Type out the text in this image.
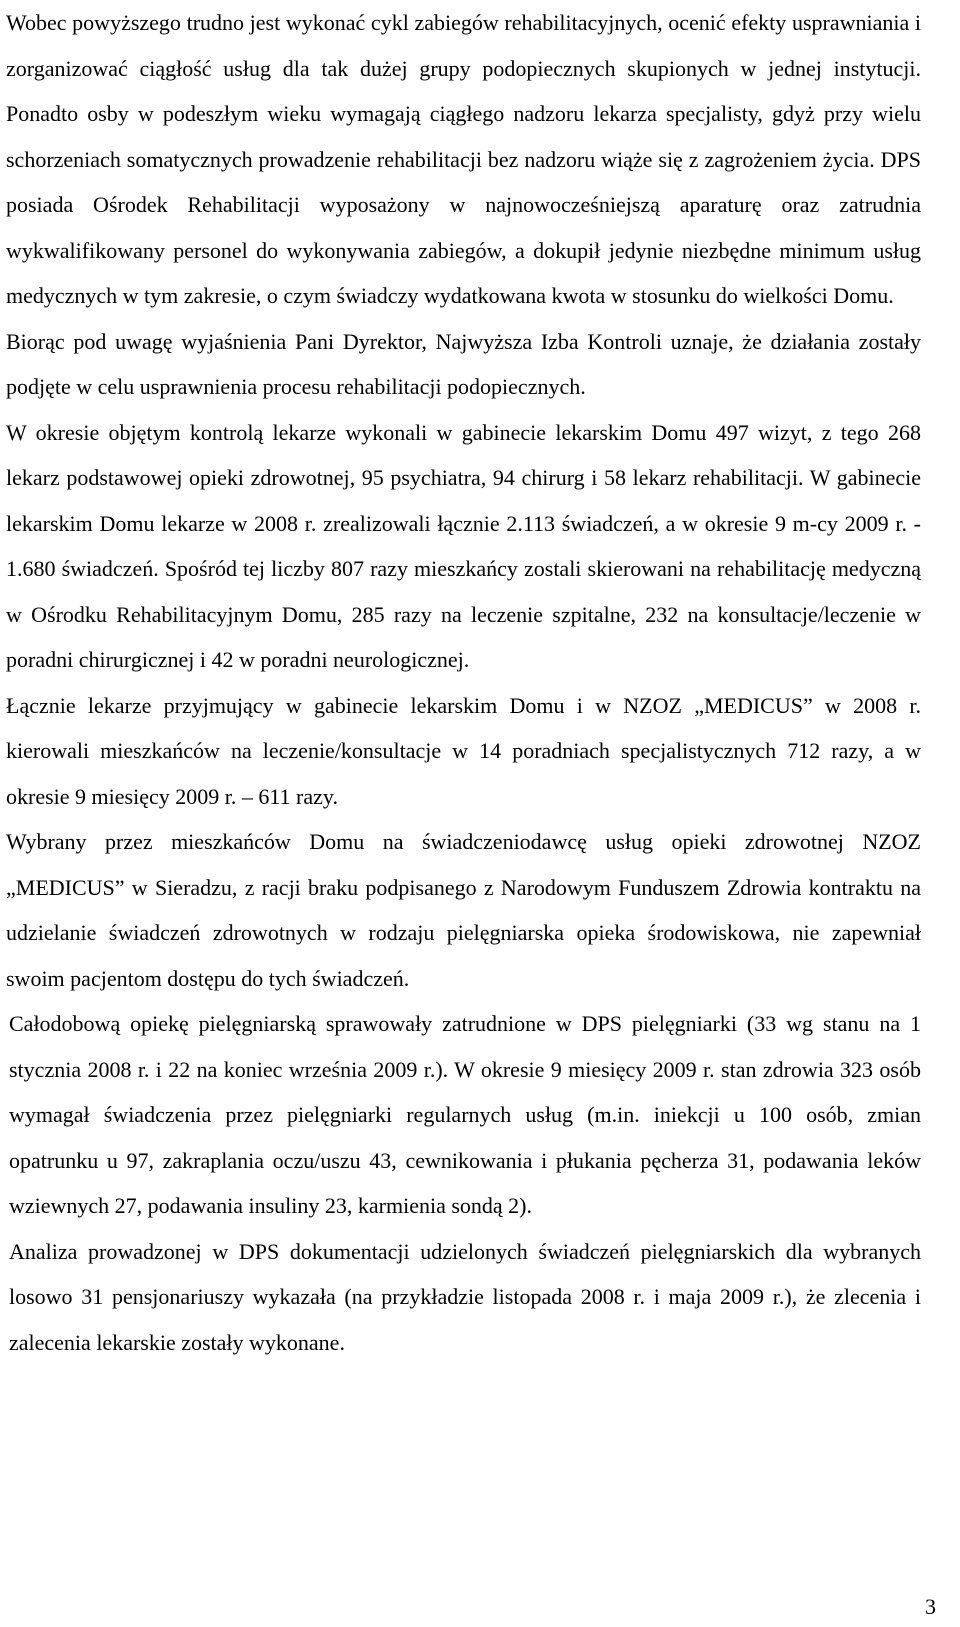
Wobec powyższego trudno jest wykonać cykl zabiegów rehabilitacyjnych, ocenić efekty usprawniania i zorganizować ciągłość usług dla tak dużej grupy podopiecznych skupionych w jednej instytucji. Ponadto osby w podeszłym wieku wymagają ciągłego nadzoru lekarza specjalisty, gdyż przy wielu schorzeniach somatycznych prowadzenie rehabilitacji bez nadzoru wiąże się z zagrożeniem życia. DPS posiada Ośrodek Rehabilitacji wyposażony w najnowocześniejszą aparaturę oraz zatrudnia wykwalifikowany personel do wykonywania zabiegów, a dokupił jedynie niezbędne minimum usług medycznych w tym zakresie, o czym świadczy wydatkowana kwota w stosunku do wielkości Domu.

Biorąc pod uwagę wyjaśnienia Pani Dyrektor, Najwyższa Izba Kontroli uznaje, że działania zostały podjęte w celu usprawnienia procesu rehabilitacji podopiecznych.

W okresie objętym kontrolą lekarze wykonali w gabinecie lekarskim Domu 497 wizyt, z tego 268 lekarz podstawowej opieki zdrowotnej, 95 psychiatra, 94 chirurg i 58 lekarz rehabilitacji. W gabinecie lekarskim Domu lekarze w 2008 r. zrealizowali łącznie 2.113 świadczeń, a w okresie 9 m-cy 2009 r. - 1.680 świadczeń. Spośród tej liczby 807 razy mieszkańcy zostali skierowani na rehabilitację medyczną w Ośrodku Rehabilitacyjnym Domu, 285 razy na leczenie szpitalne, 232 na konsultacje/leczenie w poradni chirurgicznej i 42 w poradni neurologicznej.

Łącznie lekarze przyjmujący w gabinecie lekarskim Domu i w NZOZ „MEDICUS” w 2008 r. kierowali mieszkańców na leczenie/konsultacje w 14 poradniach specjalistycznych 712 razy, a w okresie 9 miesięcy 2009 r. – 611 razy.

Wybrany przez mieszkańców Domu na świadczeniodawcę usług opieki zdrowotnej NZOZ „MEDICUS” w Sieradzu, z racji braku podpisanego z Narodowym Funduszem Zdrowia kontraktu na udzielanie świadczeń zdrowotnych w rodzaju pielęgniarska opieka środowiskowa, nie zapewniał swoim pacjentom dostępu do tych świadczeń.

Całodobową opiekę pielęgniarską sprawowały zatrudnione w DPS pielęgniarki (33 wg stanu na 1 stycznia 2008 r. i 22 na koniec września 2009 r.). W okresie 9 miesięcy 2009 r. stan zdrowia 323 osób wymagał świadczenia przez pielęgniarki regularnych usług (m.in. iniekcji u 100 osób, zmian opatrunku u 97, zakraplania oczu/uszu 43, cewnikowania i płukania pęcherza 31, podawania leków wziewnych 27, podawania insuliny 23, karmienia sondą 2).

Analiza prowadzonej w DPS dokumentacji udzielonych świadczeń pielęgniarskich dla wybranych losowo 31 pensjonariuszy wykazała (na przykładzie listopada 2008 r. i maja 2009 r.), że zlecenia i zalecenia lekarskie zostały wykonane.

3
